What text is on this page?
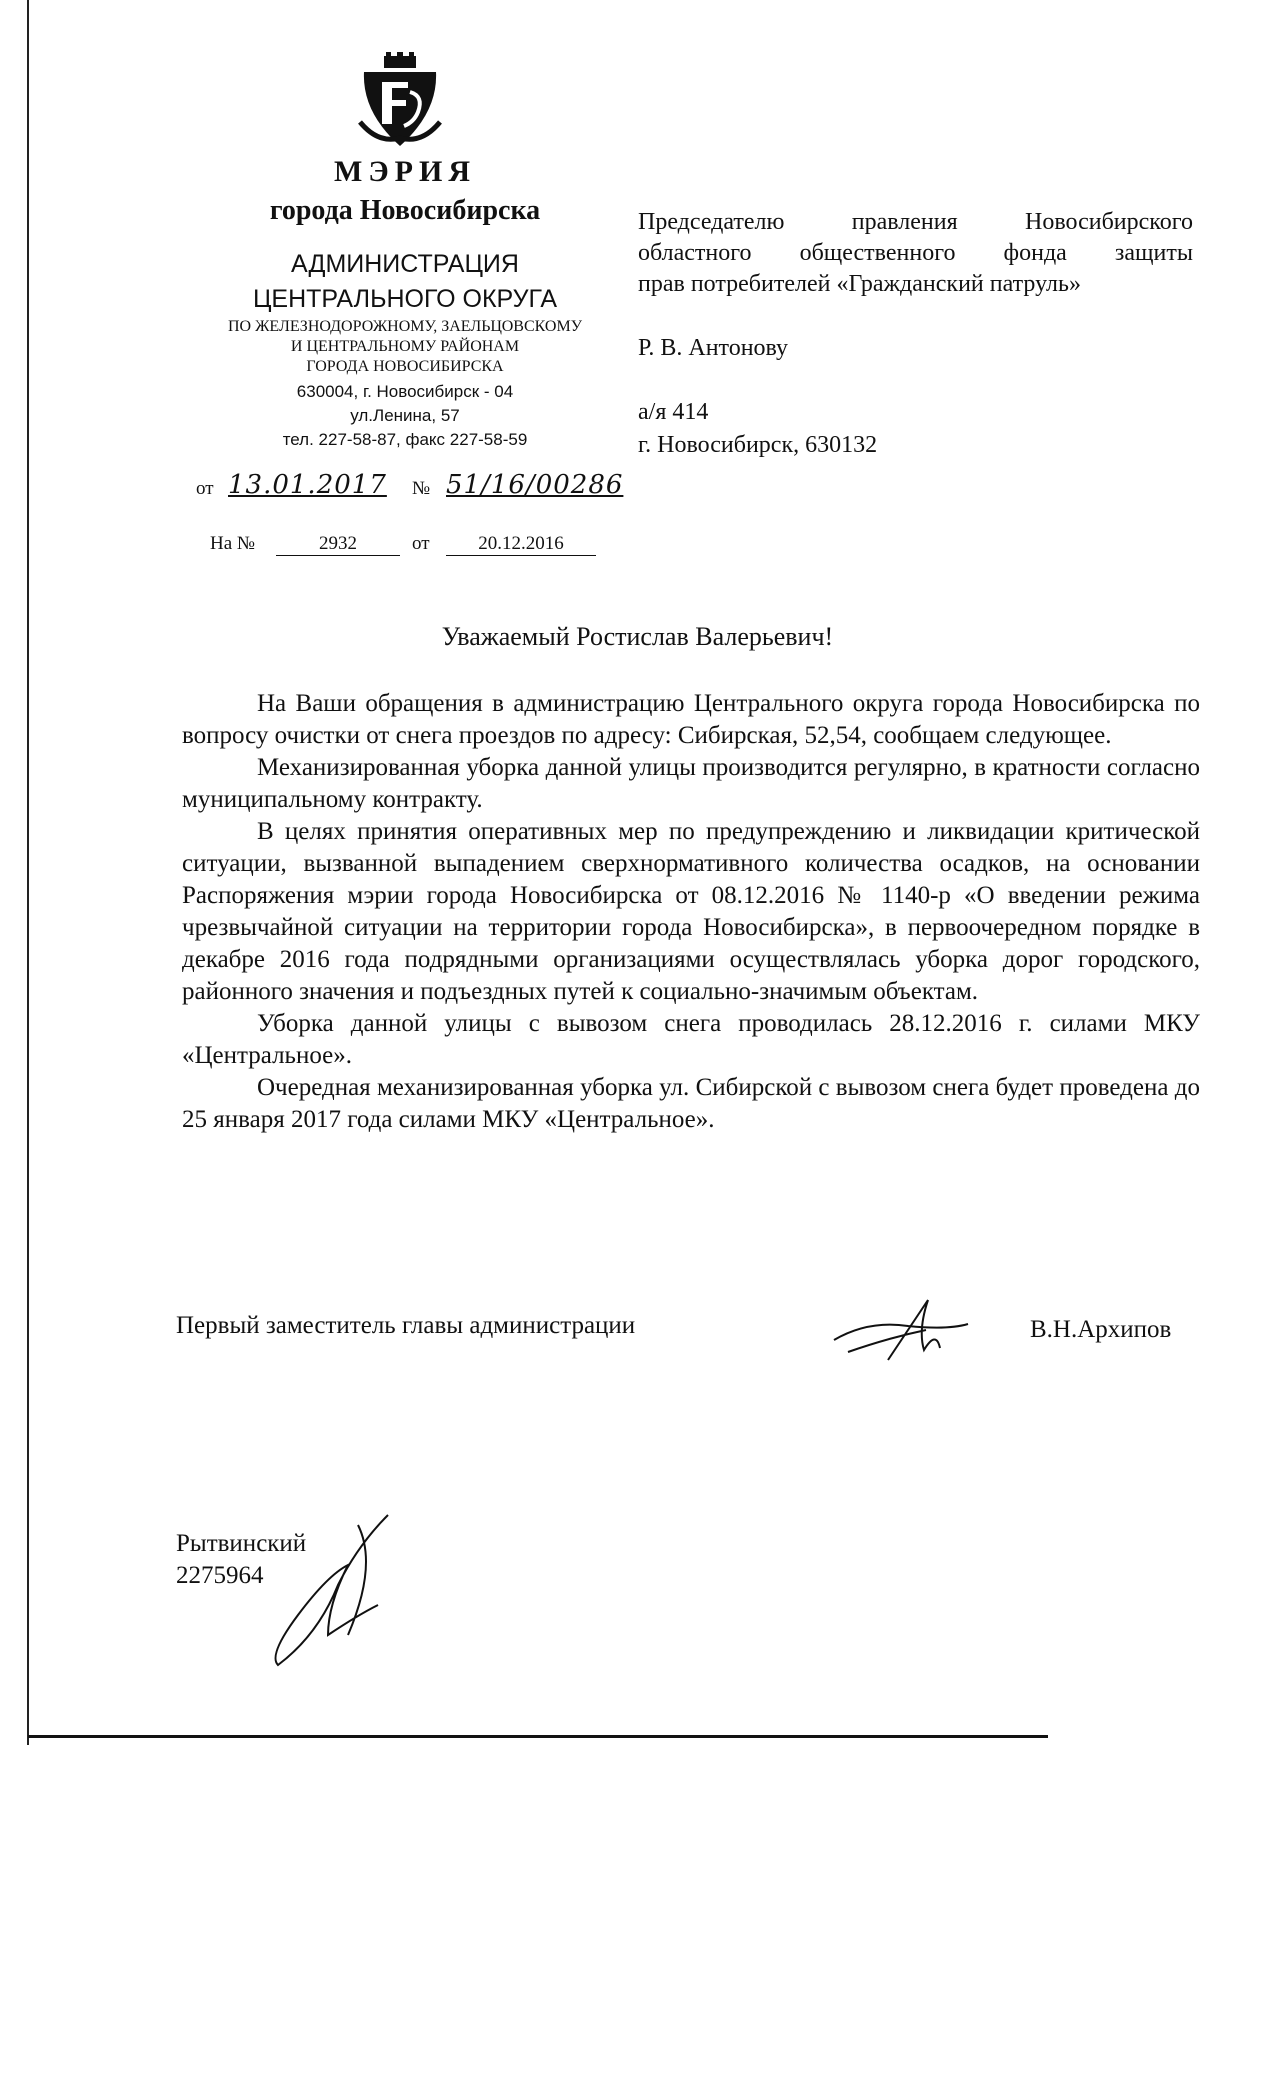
МЭРИЯ
города Новосибирска
АДМИНИСТРАЦИЯ
ЦЕНТРАЛЬНОГО ОКРУГА
ПО ЖЕЛЕЗНОДОРОЖНОМУ, ЗАЕЛЬЦОВСКОМУ
И ЦЕНТРАЛЬНОМУ РАЙОНАМ
ГОРОДА НОВОСИБИРСКА
630004, г. Новосибирск - 04
ул.Ленина, 57
тел. 227-58-87, факс 227-58-59
от 13.01.2017 № 51/16/00286
На №	2932	от	20.12.2016
Председателю правления Новосибирского
областного общественного фонда защиты
прав потребителей «Гражданский патруль»
Р. В. Антонову
а/я 414
г. Новосибирск, 630132
Уважаемый Ростислав Валерьевич!

На Ваши обращения в администрацию Центрального округа города Новосибирска по вопросу очистки от снега проездов по адресу: Сибирская, 52,54, сообщаем следующее.

Механизированная уборка данной улицы производится регулярно, в кратности согласно муниципальному контракту.

В целях принятия оперативных мер по предупреждению и ликвидации критической ситуации, вызванной выпадением сверхнормативного количества осадков, на основании Распоряжения мэрии города Новосибирска от 08.12.2016 № 1140-р «О введении режима чрезвычайной ситуации на территории города Новосибирска», в первоочередном порядке в декабре 2016 года подрядными организациями осуществлялась уборка дорог городского, районного значения и подъездных путей к социально-значимым объектам.

Уборка данной улицы с вывозом снега проводилась 28.12.2016 г. силами МКУ «Центральное».

Очередная механизированная уборка ул. Сибирской с вывозом снега будет проведена до 25 января 2017 года силами МКУ «Центральное».

Первый заместитель главы администрации	В.Н.Архипов
Рытвинский
2275964
